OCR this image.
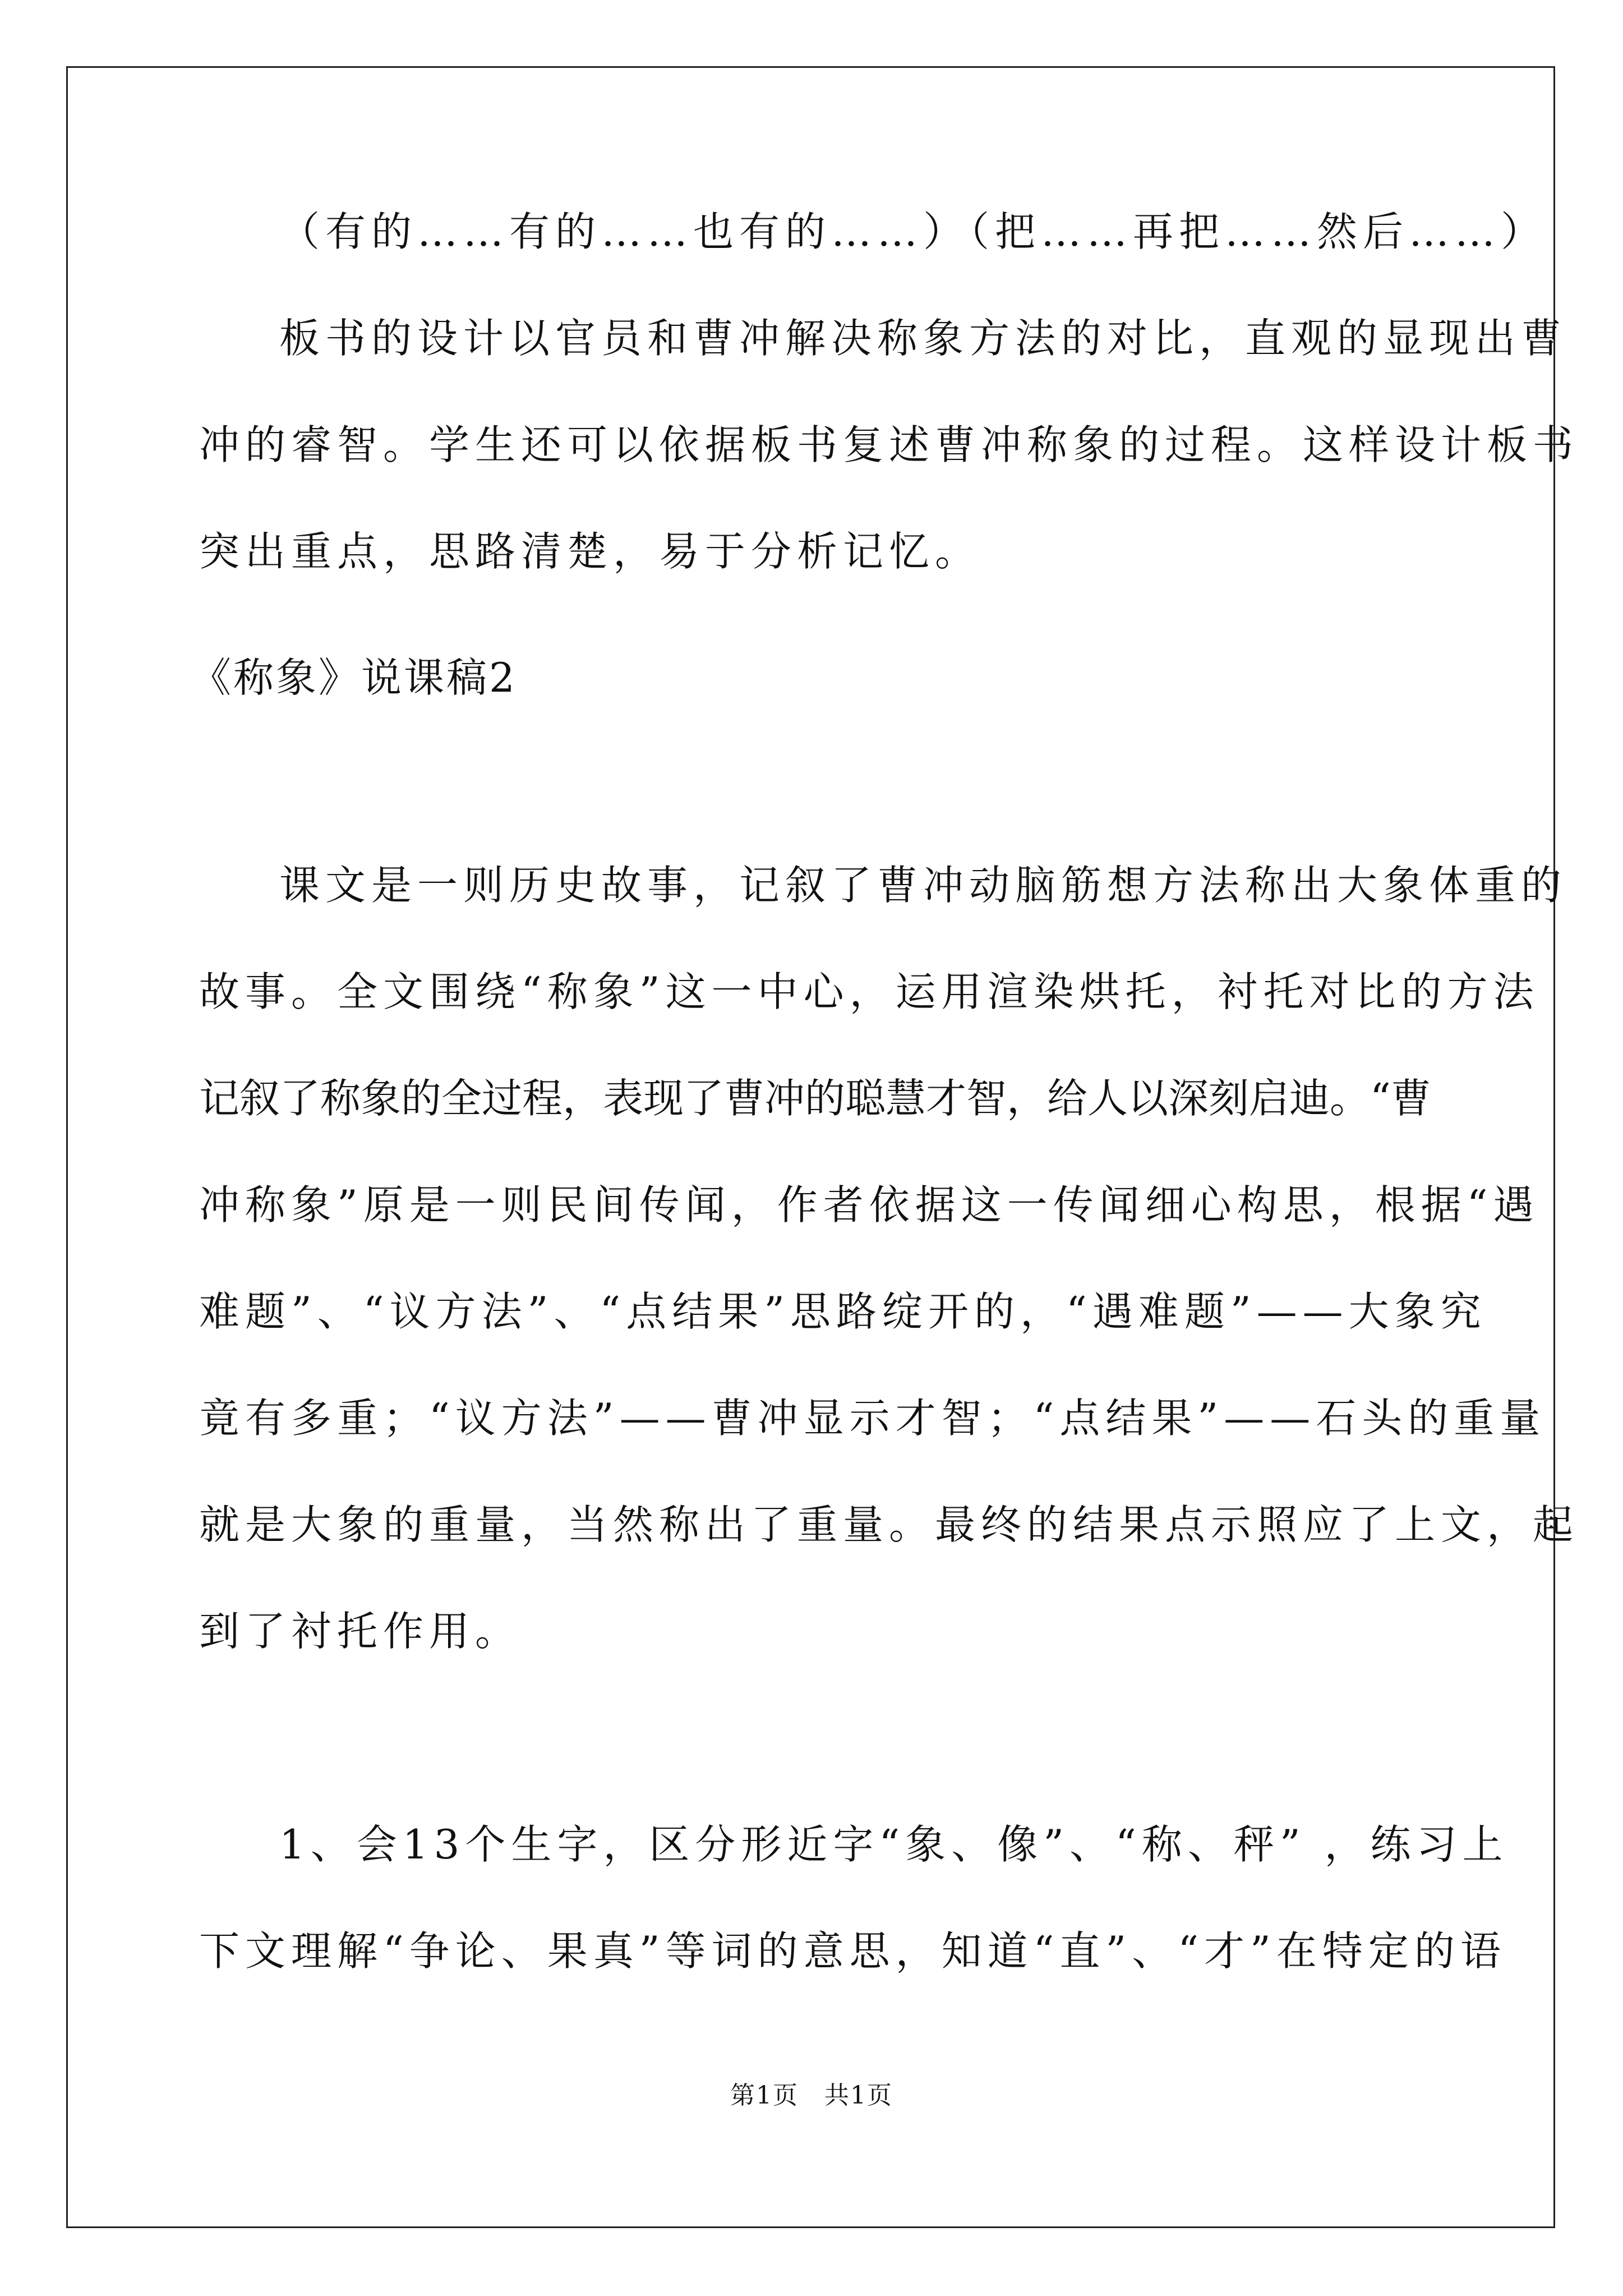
（有的……有的……也有的……）（把……再把……然后……）
板书的设计以官员和曹冲解决称象方法的对比，直观的显现出曹
冲的睿智。学生还可以依据板书复述曹冲称象的过程。这样设计板书
突出重点，思路清楚，易于分析记忆。
《称象》说课稿2
课文是一则历史故事，记叙了曹冲动脑筋想方法称出大象体重的
故事。全文围绕“称象”这一中心，运用渲染烘托，衬托对比的方法
记叙了称象的全过程，表现了曹冲的聪慧才智，给人以深刻启迪。“曹
冲称象”原是一则民间传闻，作者依据这一传闻细心构思，根据“遇
难题”、“议方法”、“点结果”思路绽开的，“遇难题”——大象究
竟有多重；“议方法”——曹冲显示才智；“点结果”——石头的重量
就是大象的重量，当然称出了重量。最终的结果点示照应了上文，起
到了衬托作用。
1、会13个生字，区分形近字“象、像”、“称、秤” ，练习上
下文理解“争论、果真”等词的意思，知道“直”、“才”在特定的语
第1页　共1页
